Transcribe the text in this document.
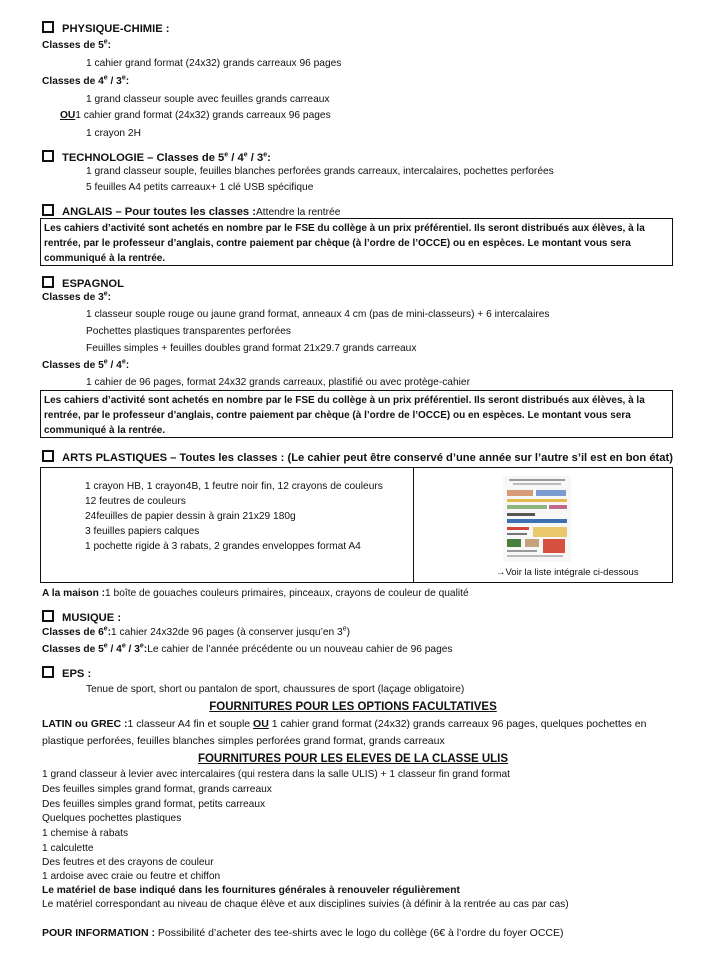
PHYSIQUE-CHIMIE :
Classes de 5e:
1 cahier grand format (24x32) grands carreaux 96 pages
Classes de 4e / 3e:
1 grand classeur souple avec feuilles grands carreaux
OU1 cahier grand format (24x32) grands carreaux 96 pages
1 crayon 2H
TECHNOLOGIE – Classes de 5e / 4e / 3e:
1 grand classeur souple, feuilles blanches perforées grands carreaux, intercalaires, pochettes perforées
5 feuilles A4 petits carreaux+ 1 clé USB spécifique
ANGLAIS – Pour toutes les classes :Attendre la rentrée
Les cahiers d’activité sont achetés en nombre par le FSE du collège à un prix préférentiel. Ils seront distribués aux élèves, à la rentrée, par le professeur d’anglais, contre paiement par chèque (à l’ordre de l’OCCE) ou en espèces. Le montant vous sera communiqué à la rentrée.
ESPAGNOL
Classes de 3e:
1 classeur souple rouge ou jaune grand format, anneaux 4 cm (pas de mini-classeurs) + 6 intercalaires
Pochettes plastiques transparentes perforées
Feuilles simples + feuilles doubles grand format 21x29.7 grands carreaux
Classes de 5e / 4e:
1 cahier de 96 pages, format 24x32 grands carreaux, plastifié ou avec protège-cahier
Les cahiers d’activité sont achetés en nombre par le FSE du collège à un prix préférentiel. Ils seront distribués aux élèves, à la rentrée, par le professeur d’anglais, contre paiement par chèque (à l’ordre de l’OCCE) ou en espèces. Le montant vous sera communiqué à la rentrée.
ARTS PLASTIQUES – Toutes les classes : (Le cahier peut être conservé d’une année sur l’autre s’il est en bon état)
1 crayon HB, 1 crayon4B, 1 feutre noir fin, 12 crayons de couleurs
12 feutres de couleurs
24feuilles de papier dessin à grain 21x29 180g
3 feuilles papiers calques
1 pochette rigide à 3 rabats, 2 grandes enveloppes format A4
→Voir la liste intégrale ci-dessous
A la maison :1 boîte de gouaches couleurs primaires, pinceaux, crayons de couleur de qualité
MUSIQUE :
Classes de 6e:1 cahier 24x32de 96 pages (à conserver jusqu’en 3e)
Classes de 5e / 4e / 3e:Le cahier de l’année précédente ou un nouveau cahier de 96 pages
EPS :
Tenue de sport, short ou pantalon de sport, chaussures de sport (laçage obligatoire)
FOURNITURES POUR LES OPTIONS FACULTATIVES
LATIN ou GREC :1 classeur A4 fin et souple OU 1 cahier grand format (24x32) grands carreaux 96 pages, quelques pochettes en
plastique perforées, feuilles blanches simples perforées grand format, grands carreaux
FOURNITURES POUR LES ELEVES DE LA CLASSE ULIS
1 grand classeur à levier avec intercalaires (qui restera dans la salle ULIS) + 1 classeur fin grand format
Des feuilles simples grand format, grands carreaux
Des feuilles simples grand format, petits carreaux
Quelques pochettes plastiques
1 chemise à rabats
1 calculette
Des feutres et des crayons de couleur
1 ardoise avec craie ou feutre et chiffon
Le matériel de base indiqué dans les fournitures générales à renouveler régulièrement
Le matériel correspondant au niveau de chaque élève et aux disciplines suivies (à définir à la rentrée au cas par cas)
POUR INFORMATION : Possibilité d’acheter des tee-shirts avec le logo du collège (6€ à l’ordre du foyer OCCE)
